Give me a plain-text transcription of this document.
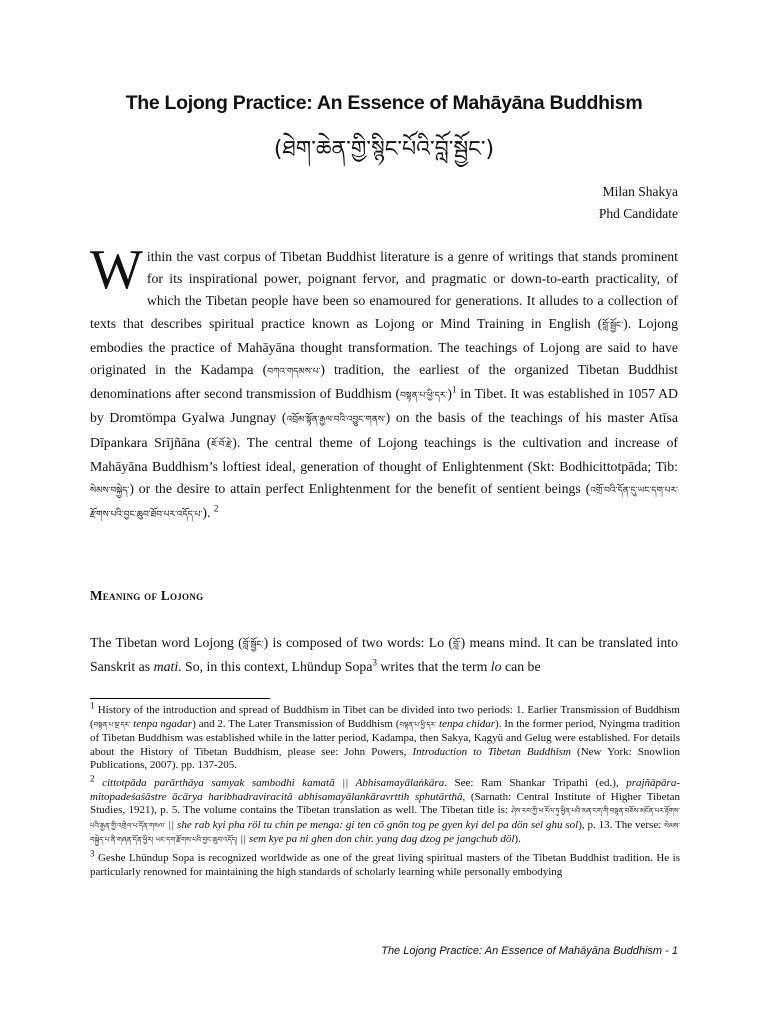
The Lojong Practice: An Essence of Mahāyāna Buddhism
(ཐེག་ཆེན་གྱི་སྙིང་པོའི་བློ་སྦྱོང་)
Milan Shakya
Phd Candidate
Within the vast corpus of Tibetan Buddhist literature is a genre of writings that stands prominent for its inspirational power, poignant fervor, and pragmatic or down-to-earth practicality, of which the Tibetan people have been so enamoured for generations. It alludes to a collection of texts that describes spiritual practice known as Lojong or Mind Training in English (བློ་སྦྱོང་). Lojong embodies the practice of Mahāyāna thought transformation. The teachings of Lojong are said to have originated in the Kadampa (བཀའ་གདམས་པ་) tradition, the earliest of the organized Tibetan Buddhist denominations after second transmission of Buddhism (བསྟན་པ་ཕྱི་དར་)$^1$ in Tibet. It was established in 1057 AD by Dromtömpa Gyalwa Jungnay (འབྲོམ་སྟོན་རྒྱལ་བའི་འབྱུང་གནས་) on the basis of the teachings of his master Atīsa Dīpankara Srījñāna (ཇོ་བོ་རྗེ་). The central theme of Lojong teachings is the cultivation and increase of Mahāyāna Buddhism’s loftiest ideal, generation of thought of Enlightenment (Skt: Bodhicittotpāda; Tib: སེམས་བསྐྱེད་) or the desire to attain perfect Enlightenment for the benefit of sentient beings (འགྲོ་བའི་དོན་དུ་ཡང་དག་པར་རྫོགས་པའི་བྱང་ཆུབ་ཐོབ་པར་འདོད་པ་). $^2$
Meaning of Lojong
The Tibetan word Lojong (བློ་སྦྱོང་) is composed of two words: Lo (བློ་) means mind. It can be translated into Sanskrit as mati. So, in this context, Lhündup Sopa$^3$ writes that the term lo can be
$^1$ History of the introduction and spread of Buddhism in Tibet can be divided into two periods: 1. Earlier Transmission of Buddhism (བསྟན་པ་སྔ་དར་ tenpa ngadar) and 2. The Later Transmission of Buddhism (བསྟན་པ་ཕྱི་དར་ tenpa chidar). In the former period, Nyingma tradition of Tibetan Buddhism was established while in the latter period, Kadampa, then Sakya, Kagyü and Gelug were established. For details about the History of Tibetan Buddhism, please see: John Powers, Introduction to Tibetan Buddhism (New York: Snowlion Publications, 2007). pp. 137-205.
$^2$ cittotpāda parārthāya samyak sambodhi kamatā || Abhisamayālaṅkāra. See: Ram Shankar Tripathi (ed.), prajñāpāra-mitopadeśaśāstre ācārya haribhadraviracitā abhisamayālankāravrttih sphutārthā, (Sarnath: Central Institute of Higher Tibetan Studies, 1921), p. 5. The volume contains the Tibetan translation as well. The Tibetan title is: ཤེས་རབ་ཀྱི་ཕ་རོལ་ཏུ་ཕྱིན་པའི་མན་ངག་གི་བསྟན་བཅོས་མངོན་པར་རྟོགས་པའི་རྒྱན་གྱི་འགྲེལ་པ་དོན་གསལ་ || she rab kyi pha röl tu chin pe menga: gi ten cö gnön tog pe gyen kyi del pa dön sel ghu sol), p. 13. The verse: སེམས་བསྐྱེད་པ་ནི་གཞན་དོན་ཕྱིར། ཡང་དག་རྫོགས་པའི་བྱང་ཆུབ་འདོད། || sem kye pa ni ghen don chir. yang dag dzog pe jangchub döl).
$^3$ Geshe Lhündup Sopa is recognized worldwide as one of the great living spiritual masters of the Tibetan Buddhist tradition. He is particularly renowned for maintaining the high standards of scholarly learning while personally embodying
The Lojong Practice: An Essence of Mahāyāna Buddhism - 1
